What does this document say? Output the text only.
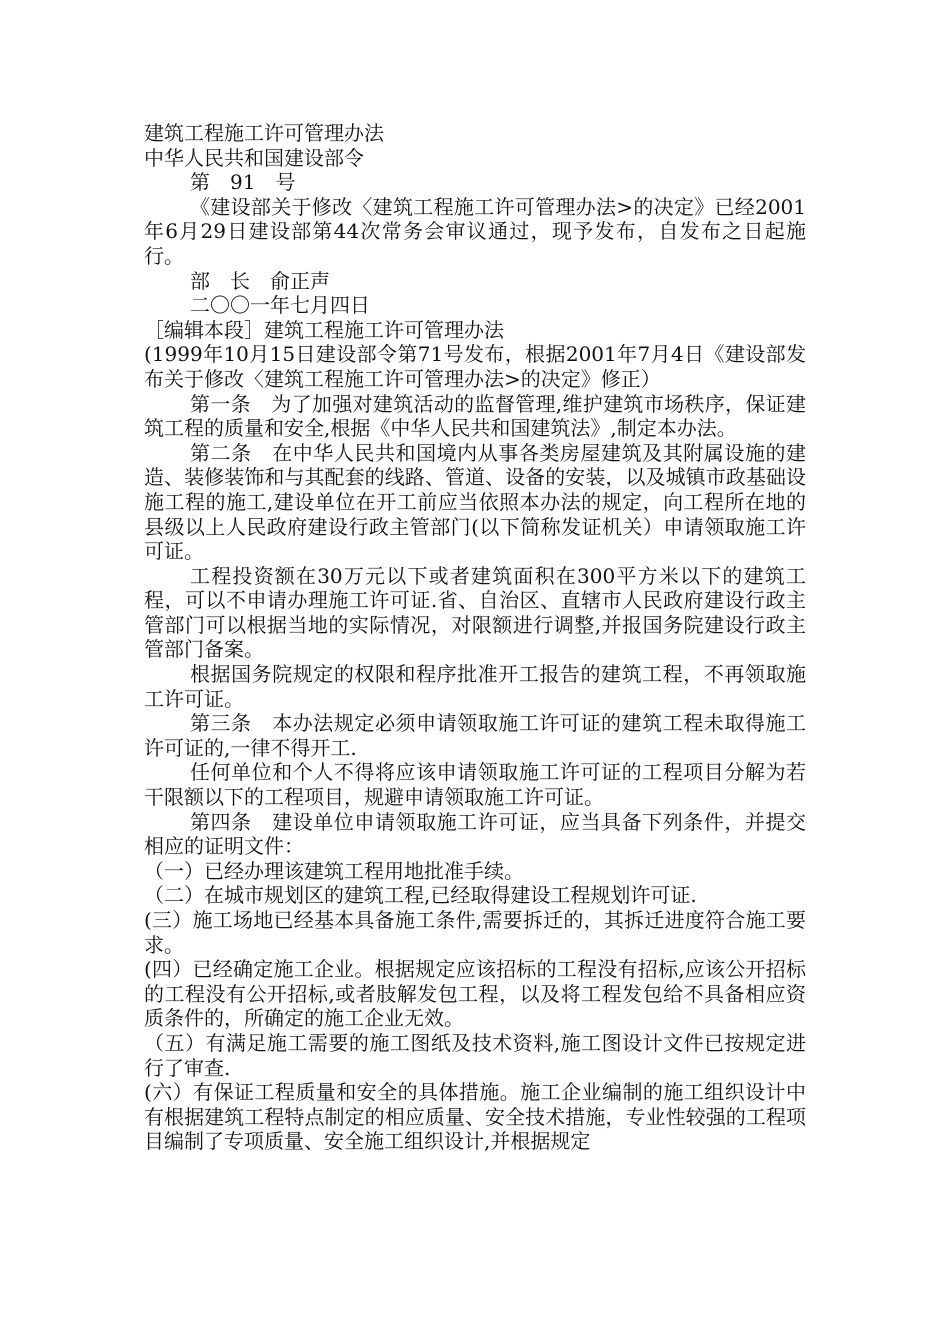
建筑工程施工许可管理办法

中华人民共和国建设部令

第　91　号

《建设部关于修改〈建筑工程施工许可管理办法>的决定》已经2001年6月29日建设部第44次常务会审议通过，现予发布，自发布之日起施行。

部　长　俞正声

二〇〇一年七月四日

［编辑本段］建筑工程施工许可管理办法

(1999年10月15日建设部令第71号发布，根据2001年7月4日《建设部发布关于修改〈建筑工程施工许可管理办法>的决定》修正）

第一条　为了加强对建筑活动的监督管理,维护建筑市场秩序，保证建筑工程的质量和安全,根据《中华人民共和国建筑法》,制定本办法。

第二条　在中华人民共和国境内从事各类房屋建筑及其附属设施的建造、装修装饰和与其配套的线路、管道、设备的安装，以及城镇市政基础设施工程的施工,建设单位在开工前应当依照本办法的规定，向工程所在地的县级以上人民政府建设行政主管部门(以下简称发证机关）申请领取施工许可证。

工程投资额在30万元以下或者建筑面积在300平方米以下的建筑工程，可以不申请办理施工许可证.省、自治区、直辖市人民政府建设行政主管部门可以根据当地的实际情况，对限额进行调整,并报国务院建设行政主管部门备案。

根据国务院规定的权限和程序批准开工报告的建筑工程，不再领取施工许可证。

第三条　本办法规定必须申请领取施工许可证的建筑工程未取得施工许可证的,一律不得开工.

任何单位和个人不得将应该申请领取施工许可证的工程项目分解为若干限额以下的工程项目，规避申请领取施工许可证。

第四条　建设单位申请领取施工许可证，应当具备下列条件，并提交相应的证明文件：

（一）已经办理该建筑工程用地批准手续。

（二）在城市规划区的建筑工程,已经取得建设工程规划许可证.

(三）施工场地已经基本具备施工条件,需要拆迁的，其拆迁进度符合施工要求。

(四）已经确定施工企业。根据规定应该招标的工程没有招标,应该公开招标的工程没有公开招标,或者肢解发包工程，以及将工程发包给不具备相应资质条件的，所确定的施工企业无效。

（五）有满足施工需要的施工图纸及技术资料,施工图设计文件已按规定进行了审查.

(六）有保证工程质量和安全的具体措施。施工企业编制的施工组织设计中有根据建筑工程特点制定的相应质量、安全技术措施，专业性较强的工程项目编制了专项质量、安全施工组织设计,并根据规定
